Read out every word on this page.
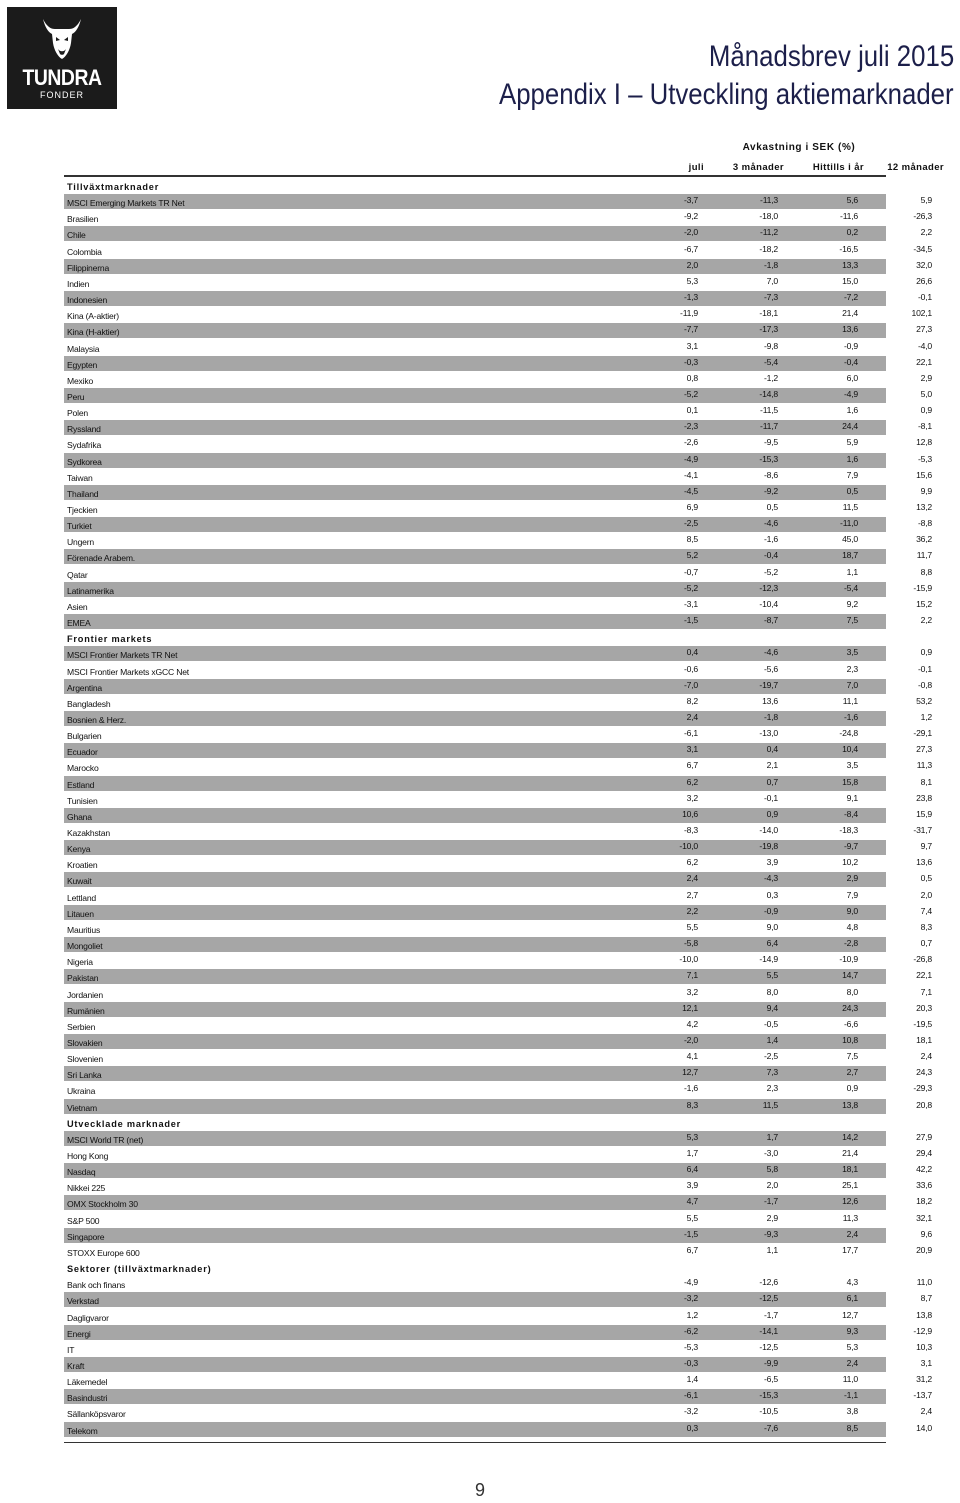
TUNDRA
FONDER
Månadsbrev juli 2015
Appendix I – Utveckling aktiemarknader
Avkastning i SEK (%)
juli	3 månader	Hittills i år	12 månader
Tillväxtmarknader
MSCI Emerging Markets TR Net	-3,7	-11,3	5,6	5,9
Brasilien	-9,2	-18,0	-11,6	-26,3
Chile	-2,0	-11,2	0,2	2,2
Colombia	-6,7	-18,2	-16,5	-34,5
Filippinerna	2,0	-1,8	13,3	32,0
Indien	5,3	7,0	15,0	26,6
Indonesien	-1,3	-7,3	-7,2	-0,1
Kina (A-aktier)	-11,9	-18,1	21,4	102,1
Kina (H-aktier)	-7,7	-17,3	13,6	27,3
Malaysia	3,1	-9,8	-0,9	-4,0
Egypten	-0,3	-5,4	-0,4	22,1
Mexiko	0,8	-1,2	6,0	2,9
Peru	-5,2	-14,8	-4,9	5,0
Polen	0,1	-11,5	1,6	0,9
Ryssland	-2,3	-11,7	24,4	-8,1
Sydafrika	-2,6	-9,5	5,9	12,8
Sydkorea	-4,9	-15,3	1,6	-5,3
Taiwan	-4,1	-8,6	7,9	15,6
Thailand	-4,5	-9,2	0,5	9,9
Tjeckien	6,9	0,5	11,5	13,2
Turkiet	-2,5	-4,6	-11,0	-8,8
Ungern	8,5	-1,6	45,0	36,2
Förenade Arabem.	5,2	-0,4	18,7	11,7
Qatar	-0,7	-5,2	1,1	8,8
Latinamerika	-5,2	-12,3	-5,4	-15,9
Asien	-3,1	-10,4	9,2	15,2
EMEA	-1,5	-8,7	7,5	2,2
Frontier markets
MSCI Frontier Markets TR Net	0,4	-4,6	3,5	0,9
MSCI Frontier Markets xGCC Net	-0,6	-5,6	2,3	-0,1
Argentina	-7,0	-19,7	7,0	-0,8
Bangladesh	8,2	13,6	11,1	53,2
Bosnien & Herz.	2,4	-1,8	-1,6	1,2
Bulgarien	-6,1	-13,0	-24,8	-29,1
Ecuador	3,1	0,4	10,4	27,3
Marocko	6,7	2,1	3,5	11,3
Estland	6,2	0,7	15,8	8,1
Tunisien	3,2	-0,1	9,1	23,8
Ghana	10,6	0,9	-8,4	15,9
Kazakhstan	-8,3	-14,0	-18,3	-31,7
Kenya	-10,0	-19,8	-9,7	9,7
Kroatien	6,2	3,9	10,2	13,6
Kuwait	2,4	-4,3	2,9	0,5
Lettland	2,7	0,3	7,9	2,0
Litauen	2,2	-0,9	9,0	7,4
Mauritius	5,5	9,0	4,8	8,3
Mongoliet	-5,8	6,4	-2,8	0,7
Nigeria	-10,0	-14,9	-10,9	-26,8
Pakistan	7,1	5,5	14,7	22,1
Jordanien	3,2	8,0	8,0	7,1
Rumänien	12,1	9,4	24,3	20,3
Serbien	4,2	-0,5	-6,6	-19,5
Slovakien	-2,0	1,4	10,8	18,1
Slovenien	4,1	-2,5	7,5	2,4
Sri Lanka	12,7	7,3	2,7	24,3
Ukraina	-1,6	2,3	0,9	-29,3
Vietnam	8,3	11,5	13,8	20,8
Utvecklade marknader
MSCI World TR (net)	5,3	1,7	14,2	27,9
Hong Kong	1,7	-3,0	21,4	29,4
Nasdaq	6,4	5,8	18,1	42,2
Nikkei 225	3,9	2,0	25,1	33,6
OMX Stockholm 30	4,7	-1,7	12,6	18,2
S&P 500	5,5	2,9	11,3	32,1
Singapore	-1,5	-9,3	2,4	9,6
STOXX Europe 600	6,7	1,1	17,7	20,9
Sektorer (tillväxtmarknader)
Bank och finans	-4,9	-12,6	4,3	11,0
Verkstad	-3,2	-12,5	6,1	8,7
Dagligvaror	1,2	-1,7	12,7	13,8
Energi	-6,2	-14,1	9,3	-12,9
IT	-5,3	-12,5	5,3	10,3
Kraft	-0,3	-9,9	2,4	3,1
Läkemedel	1,4	-6,5	11,0	31,2
Basindustri	-6,1	-15,3	-1,1	-13,7
Sällanköpsvaror	-3,2	-10,5	3,8	2,4
Telekom	0,3	-7,6	8,5	14,0
9
